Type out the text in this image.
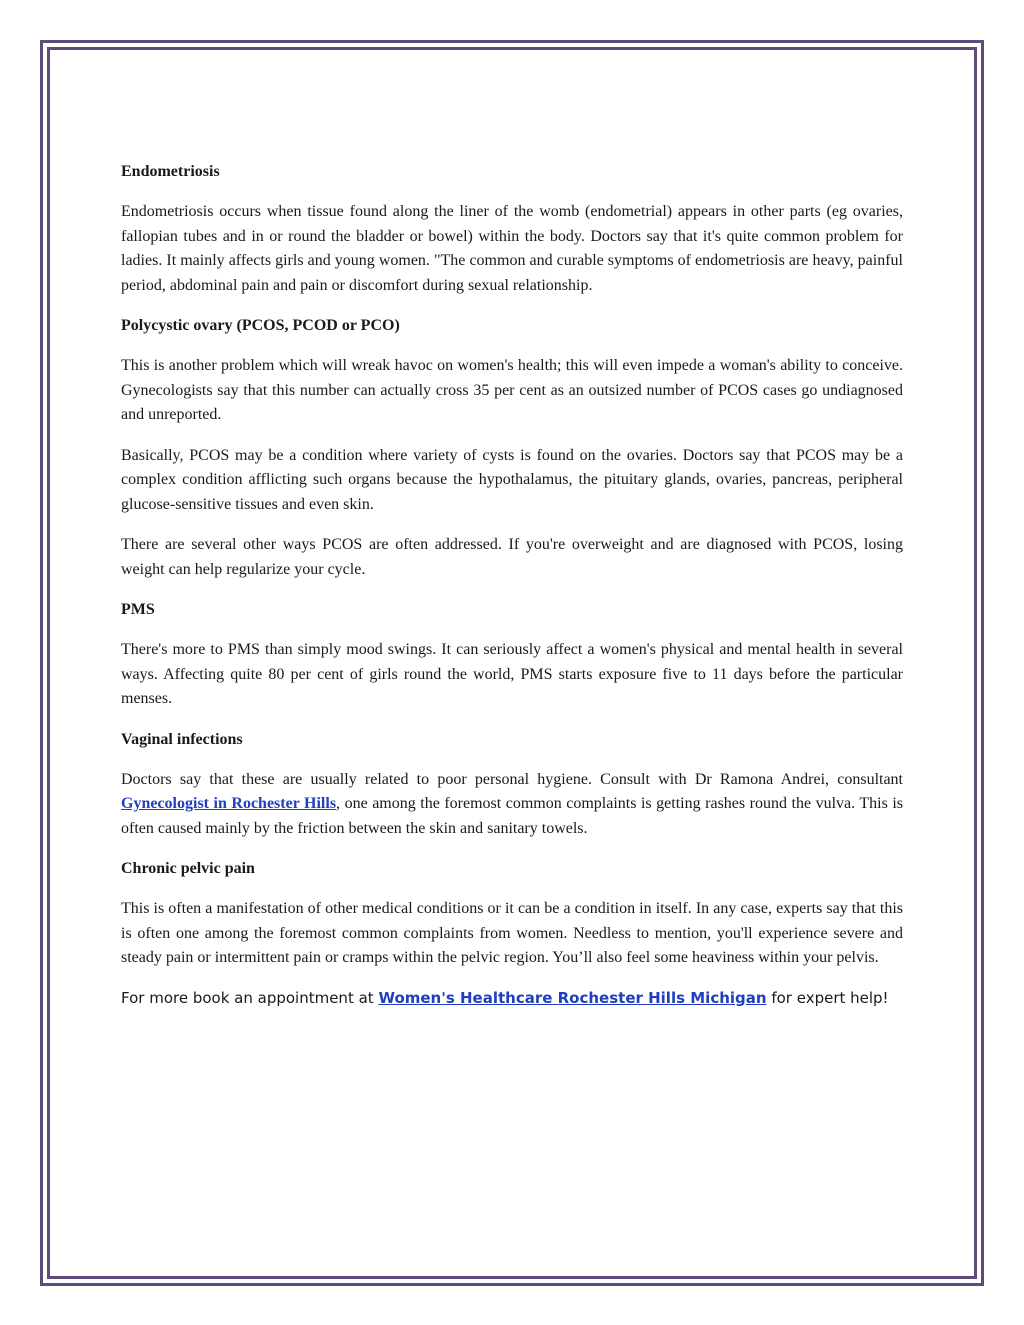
Endometriosis

Endometriosis occurs when tissue found along the liner of the womb (endometrial) appears in other parts (eg ovaries, fallopian tubes and in or round the bladder or bowel) within the body. Doctors say that it's quite common problem for ladies. It mainly affects girls and young women. "The common and curable symptoms of endometriosis are heavy, painful period, abdominal pain and pain or discomfort during sexual relationship.

Polycystic ovary (PCOS, PCOD or PCO)

This is another problem which will wreak havoc on women's health; this will even impede a woman's ability to conceive. Gynecologists say that this number can actually cross 35 per cent as an outsized number of PCOS cases go undiagnosed and unreported.

Basically, PCOS may be a condition where variety of cysts is found on the ovaries. Doctors say that PCOS may be a complex condition afflicting such organs because the hypothalamus, the pituitary glands, ovaries, pancreas, peripheral glucose-sensitive tissues and even skin.

There are several other ways PCOS are often addressed. If you're overweight and are diagnosed with PCOS, losing weight can help regularize your cycle.

PMS

There's more to PMS than simply mood swings. It can seriously affect a women's physical and mental health in several ways. Affecting quite 80 per cent of girls round the world, PMS starts exposure five to 11 days before the particular menses.

Vaginal infections

Doctors say that these are usually related to poor personal hygiene. Consult with Dr Ramona Andrei, consultant Gynecologist in Rochester Hills, one among the foremost common complaints is getting rashes round the vulva. This is often caused mainly by the friction between the skin and sanitary towels.

Chronic pelvic pain

This is often a manifestation of other medical conditions or it can be a condition in itself. In any case, experts say that this is often one among the foremost common complaints from women. Needless to mention, you'll experience severe and steady pain or intermittent pain or cramps within the pelvic region. You’ll also feel some heaviness within your pelvis.

For more book an appointment at Women's Healthcare Rochester Hills Michigan for expert help!
